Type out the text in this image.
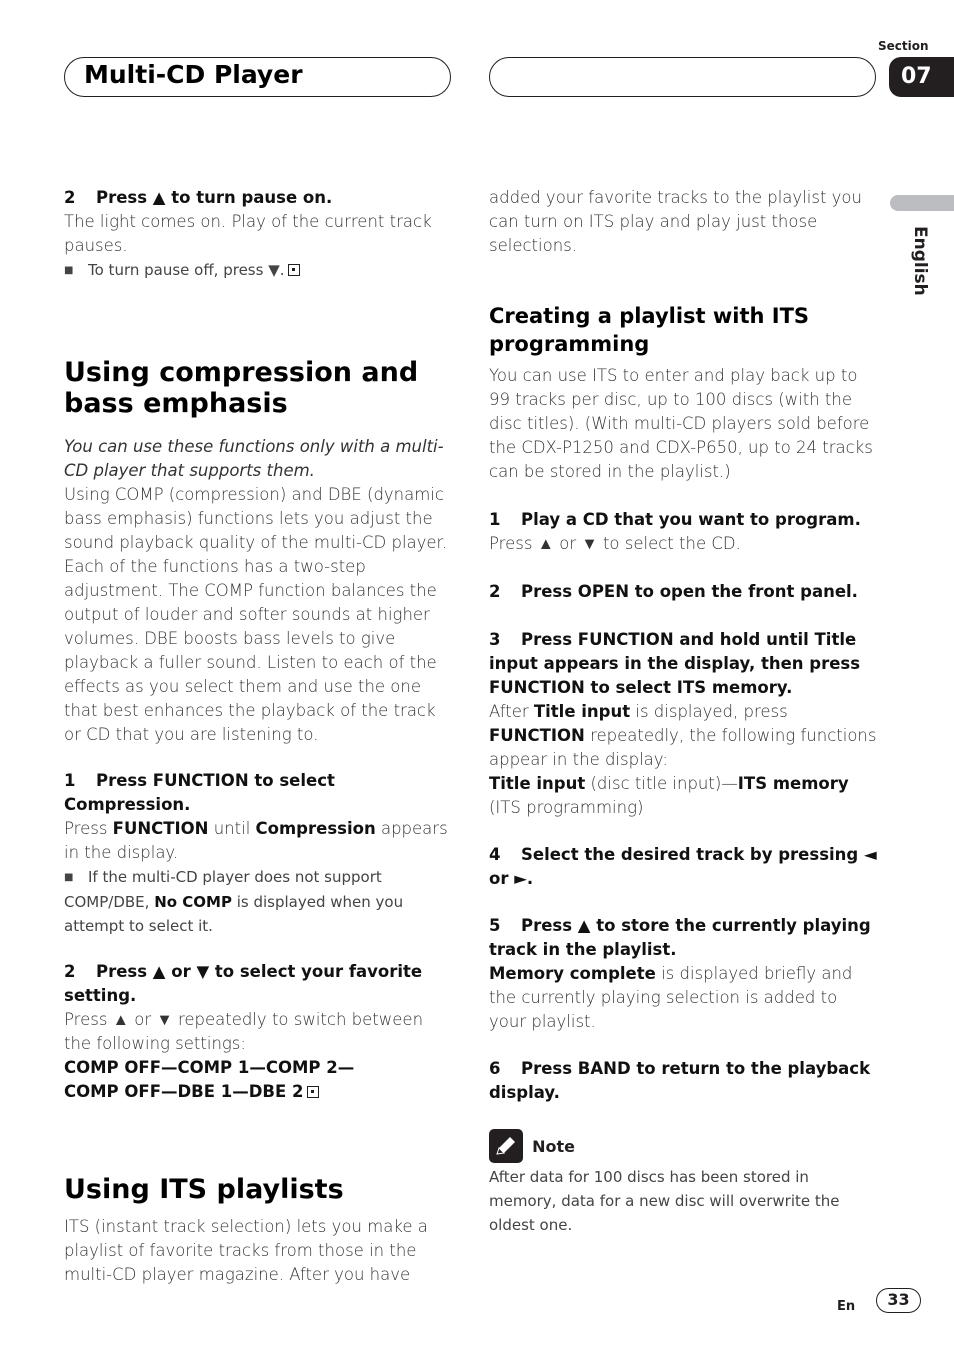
Multi-CD Player
Section
07
English

2 Press ▲ to turn pause on.

The light comes on. Play of the current track pauses.

■ To turn pause off, press ▼.

Using compression and bass emphasis

You can use these functions only with a multi-CD player that supports them.

Using COMP (compression) and DBE (dynamic bass emphasis) functions lets you adjust the sound playback quality of the multi-CD player. Each of the functions has a two-step adjustment. The COMP function balances the output of louder and softer sounds at higher volumes. DBE boosts bass levels to give playback a fuller sound. Listen to each of the effects as you select them and use the one that best enhances the playback of the track or CD that you are listening to.

1 Press FUNCTION to select Compression.

Press FUNCTION until Compression appears in the display.

■ If the multi-CD player does not support COMP/DBE, No COMP is displayed when you attempt to select it.

2 Press ▲ or ▼ to select your favorite setting.

Press ▲ or ▼ repeatedly to switch between the following settings:

COMP OFF—COMP 1—COMP 2—

COMP OFF—DBE 1—DBE 2

Using ITS playlists

ITS (instant track selection) lets you make a playlist of favorite tracks from those in the multi-CD player magazine. After you have

added your favorite tracks to the playlist you can turn on ITS play and play just those selections.

Creating a playlist with ITS programming

You can use ITS to enter and play back up to 99 tracks per disc, up to 100 discs (with the disc titles). (With multi-CD players sold before the CDX-P1250 and CDX-P650, up to 24 tracks can be stored in the playlist.)

1 Play a CD that you want to program.

Press ▲ or ▼ to select the CD.

2 Press OPEN to open the front panel.

3 Press FUNCTION and hold until Title input appears in the display, then press FUNCTION to select ITS memory.

After Title input is displayed, press FUNCTION repeatedly, the following functions appear in the display:

Title input (disc title input)—ITS memory (ITS programming)

4 Select the desired track by pressing ◄ or ►.

5 Press ▲ to store the currently playing track in the playlist.

Memory complete is displayed briefly and the currently playing selection is added to your playlist.

6 Press BAND to return to the playback display.

Note

After data for 100 discs has been stored in memory, data for a new disc will overwrite the oldest one.

En	33
